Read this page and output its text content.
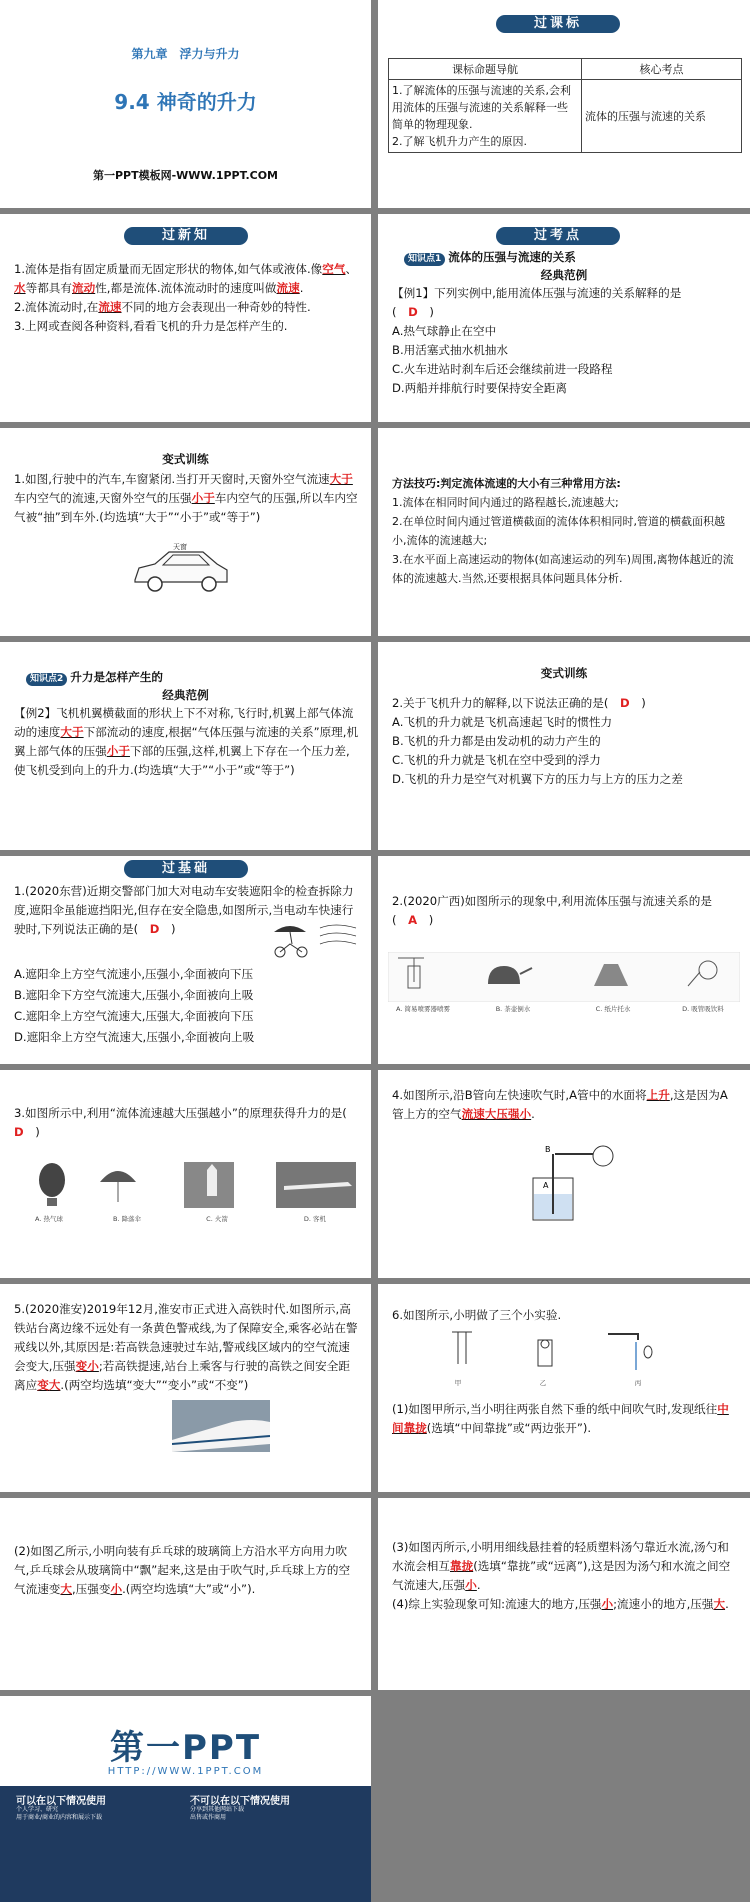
第九章　浮力与升力
9.4 神奇的升力
第一PPT模板网-WWW.1PPT.COM
过课标
课标命题导航	核心考点
1.了解流体的压强与流速的关系,会利用流体的压强与流速的关系解释一些简单的物理现象.
2.了解飞机升力产生的原因.	流体的压强与流速的关系
过新知
1.流体是指有固定质量而无固定形状的物体,如气体或液体.像空气、水等都具有流动性,都是流体.流体流动时的速度叫做流速.
2.流体流动时,在流速不同的地方会表现出一种奇妙的特性.
3.上网或查阅各种资料,看看飞机的升力是怎样产生的.
过考点
知识点1 流体的压强与流速的关系
经典范例
【例1】下列实例中,能用流体压强与流速的关系解释的是
(　D　)
A.热气球静止在空中
B.用活塞式抽水机抽水
C.火车进站时刹车后还会继续前进一段路程
D.两船并排航行时要保持安全距离
变式训练
1.如图,行驶中的汽车,车窗紧闭.当打开天窗时,天窗外空气流速大于车内空气的流速,天窗外空气的压强小于车内空气的压强,所以车内空气被“抽”到车外.(均选填“大于”“小于”或“等于”)
天窗
方法技巧:判定流体流速的大小有三种常用方法:
1.流体在相同时间内通过的路程越长,流速越大;
2.在单位时间内通过管道横截面的流体体积相同时,管道的横截面积越小,流体的流速越大;
3.在水平面上高速运动的物体(如高速运动的列车)周围,离物体越近的流体的流速越大.当然,还要根据具体问题具体分析.
知识点2 升力是怎样产生的
经典范例
【例2】飞机机翼横截面的形状上下不对称,飞行时,机翼上部气体流动的速度大于下部流动的速度,根据“气体压强与流速的关系”原理,机翼上部气体的压强小于下部的压强,这样,机翼上下存在一个压力差,使飞机受到向上的升力.(均选填“大于”“小于”或“等于”)
变式训练
2.关于飞机升力的解释,以下说法正确的是(　D　)
A.飞机的升力就是飞机高速起飞时的惯性力
B.飞机的升力都是由发动机的动力产生的
C.飞机的升力就是飞机在空中受到的浮力
D.飞机的升力是空气对机翼下方的压力与上方的压力之差
过基础
1.(2020东营)近期交警部门加大对电动车安装遮阳伞的检查拆除力度,遮阳伞虽能遮挡阳光,但存在安全隐患,如图所示,当电动车快速行驶时,下列说法正确的是(　D　)
A.遮阳伞上方空气流速小,压强小,伞面被向下压
B.遮阳伞下方空气流速大,压强小,伞面被向上吸
C.遮阳伞上方空气流速大,压强大,伞面被向下压
D.遮阳伞上方空气流速大,压强小,伞面被向上吸
2.(2020广西)如图所示的现象中,利用流体压强与流速关系的是
(　A　)
A. 简易喷雾器喷雾	B. 茶壶倒水	C. 纸片托水	D. 吸管吸饮料
3.如图所示中,利用“流体流速越大压强越小”的原理获得升力的是(　D　)
A. 热气球	B. 降落伞	C. 火箭	D. 客机
4.如图所示,沿B管向左快速吹气时,A管中的水面将上升,这是因为A管上方的空气流速大压强小.
B
A
5.(2020淮安)2019年12月,淮安市正式进入高铁时代.如图所示,高铁站台离边缘不远处有一条黄色警戒线,为了保障安全,乘客必站在警戒线以外,其原因是:若高铁急速驶过车站,警戒线区域内的空气流速会变大,压强变小;若高铁提速,站台上乘客与行驶的高铁之间安全距离应变大.(两空均选填“变大”“变小”或“不变”)
6.如图所示,小明做了三个小实验.
甲	乙	丙
(1)如图甲所示,当小明往两张自然下垂的纸中间吹气时,发现纸往中间靠拢(选填“中间靠拢”或“两边张开”).
(2)如图乙所示,小明向装有乒乓球的玻璃筒上方沿水平方向用力吹气,乒乓球会从玻璃筒中“飘”起来,这是由于吹气时,乒乓球上方的空气流速变大,压强变小.(两空均选填“大”或“小”).
(3)如图丙所示,小明用细线悬挂着的轻质塑料汤勺靠近水流,汤勺和水流会相互靠拢(选填“靠拢”或“远离”),这是因为汤勺和水流之间空气流速大,压强小.
(4)综上实验现象可知:流速大的地方,压强小;流速小的地方,压强大.
第一PPT
HTTP://WWW.1PPT.COM
可以在以下情况使用	不可以在以下情况使用
个人学习、研究
用于商业/商业的内容和展示下载
分享到其他网站下载
出售或作商用
